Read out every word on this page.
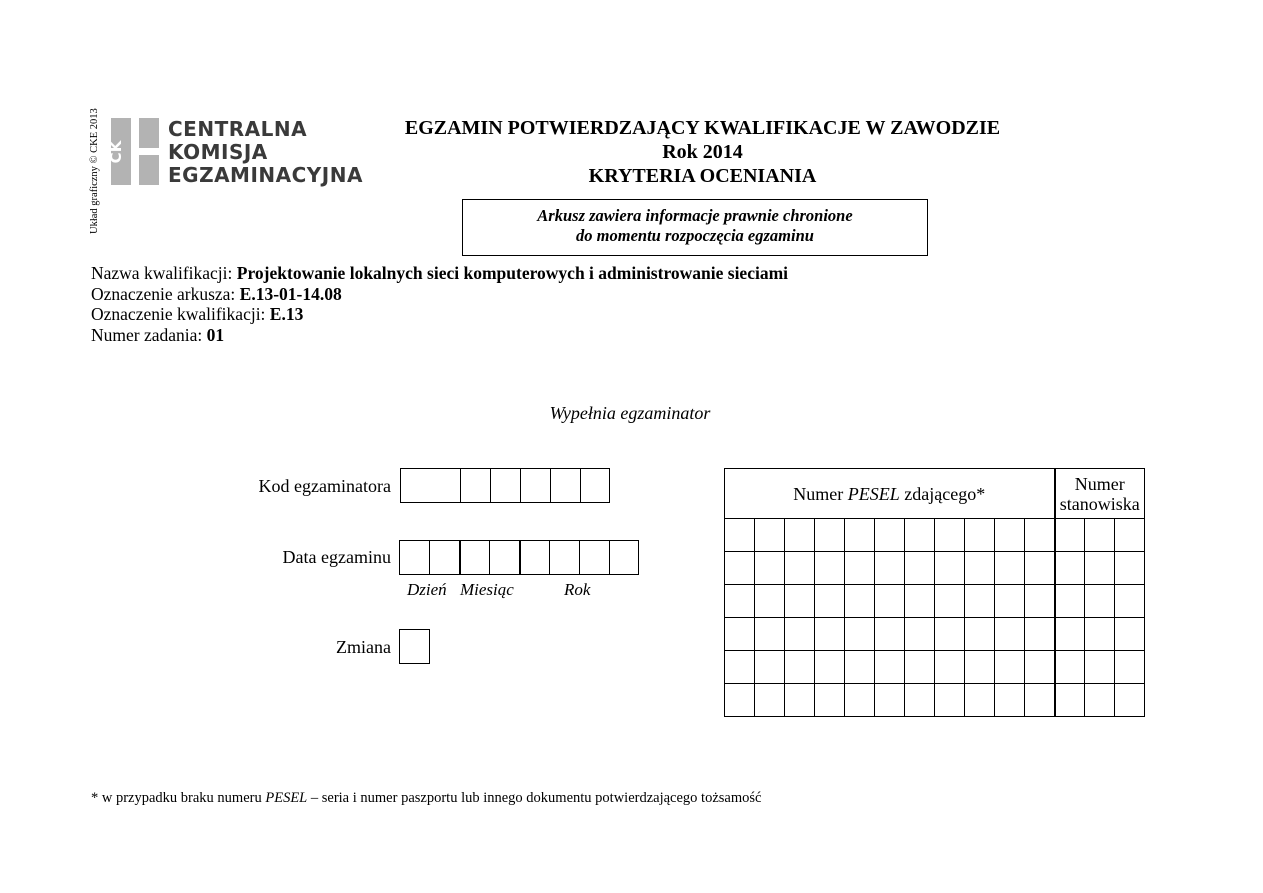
Układ graficzny © CKE 2013 CK
CENTRALNA
KOMISJA
EGZAMINACYJNA
EGZAMIN POTWIERDZAJĄCY KWALIFIKACJE W ZAWODZIE
Rok 2014
KRYTERIA OCENIANIA
Arkusz zawiera informacje prawnie chronione
do momentu rozpoczęcia egzaminu
Nazwa kwalifikacji: Projektowanie lokalnych sieci komputerowych i administrowanie sieciami
Oznaczenie arkusza: E.13-01-14.08
Oznaczenie kwalifikacji: E.13
Numer zadania: 01
Wypełnia egzaminator
Kod egzaminatora
Data egzaminu
Dzień Miesiąc	Rok
Zmiana
Numer PESEL zdającego*											Numer
stanowiska		

* w przypadku braku numeru PESEL – seria i numer paszportu lub innego dokumentu potwierdzającego tożsamość
